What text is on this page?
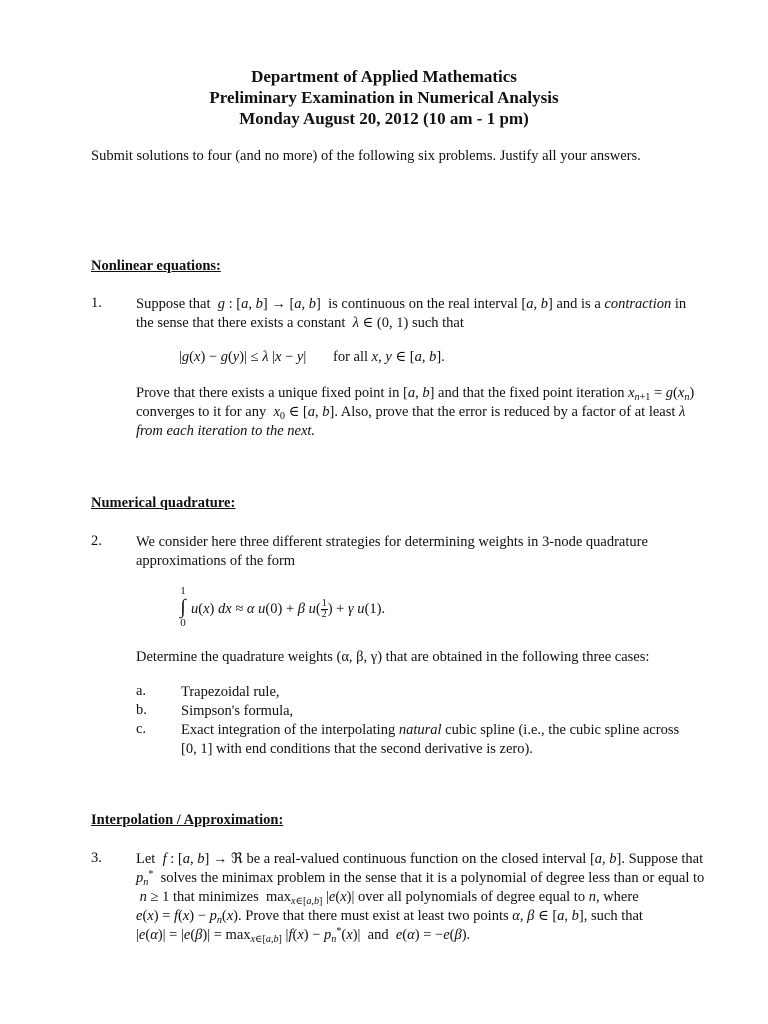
Department of Applied Mathematics
Preliminary Examination in Numerical Analysis
Monday August 20, 2012 (10 am - 1 pm)
Submit solutions to four (and no more) of the following six problems. Justify all your answers.
Nonlinear equations:
1. Suppose that g : [a, b] → [a, b]  is continuous on the real interval [a, b] and is a contraction in
the sense that there exists a constant λ ∈ (0, 1) such that
|g(x) − g(y)| ≤ λ |x − y| for all x, y ∈ [a, b].
Prove that there exists a unique fixed point in [a, b] and that the fixed point iteration $x_{n+1} = g(x_n)$
converges to it for any $x_0$ ∈ [a, b]. Also, prove that the error is reduced by a factor of at least λ
from each iteration to the next.
Numerical quadrature:
2. We consider here three different strategies for determining weights in 3-node quadrature
approximations of the form
1
∫
0
u(x) dx ≈ α u(0) + β $u( \frac{1}{2}$ ) + γ u(1).
Determine the quadrature weights (α, β, γ) that are obtained in the following three cases:
a. Trapezoidal rule,
b. Simpson's formula,
c. Exact integration of the interpolating natural cubic spline (i.e., the cubic spline across
[0, 1] with end conditions that the second derivative is zero).
Interpolation / Approximation:
3. Let f : [a, b] → ℜ be a real-valued continuous function on the closed interval [a, b]. Suppose that
$p_n^*$ solves the minimax problem in the sense that it is a polynomial of degree less than or equal to
n ≥ 1 that minimizes  $\max_{x\in[a,b]} |e(x)|$ over all polynomials of degree equal to n, where
$e(x) = f(x) - p_n(x)$. Prove that there must exist at least two points α, β ∈ [a, b], such that
$|e(\alpha)| = |e(\beta)| = \max_{x\in[a,b]} |f(x) - p_n^*(x)|$  and e(α) = −e(β).
